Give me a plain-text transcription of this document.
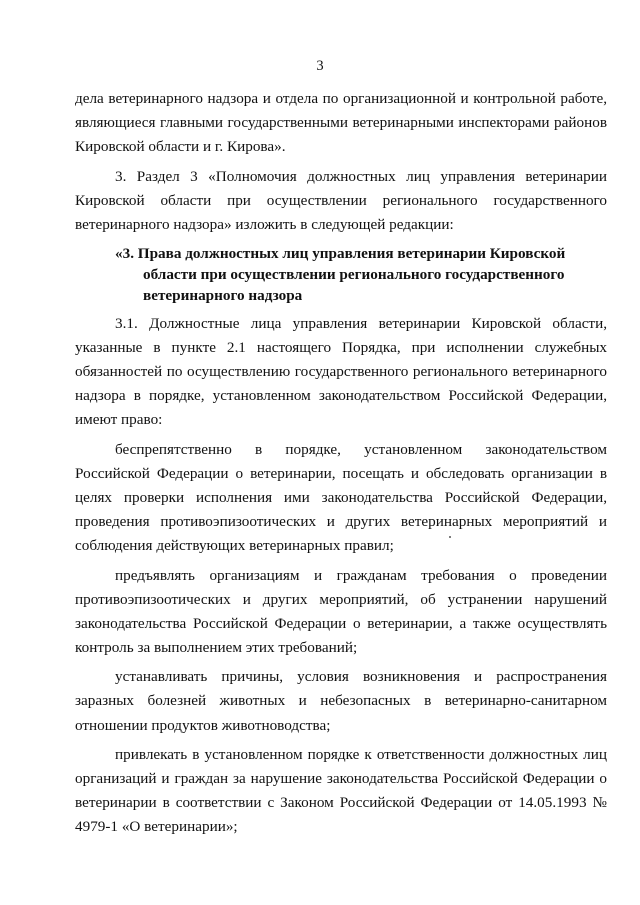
3

дела ветеринарного надзора и отдела по организационной и контрольной работе, являющиеся главными государственными ветеринарными инспекторами районов Кировской области и г. Кирова».

3. Раздел 3 «Полномочия должностных лиц управления ветеринарии Кировской области при осуществлении регионального государственного ветеринарного надзора» изложить в следующей редакции:

«3. Права должностных лиц управления ветеринарии Кировской
области при осуществлении регионального государственного ветеринарного надзора

3.1. Должностные лица управления ветеринарии Кировской области, указанные в пункте 2.1 настоящего Порядка, при исполнении служебных обязанностей по осуществлению государственного регионального ветеринарного надзора в порядке, установленном законодательством Российской Федерации, имеют право:

беспрепятственно в порядке, установленном законодательством Российской Федерации о ветеринарии, посещать и обследовать организации в целях проверки исполнения ими законодательства Российской Федерации, проведения противоэпизоотических и других ветеринарных мероприятий и соблюдения действующих ветеринарных правил;

предъявлять организациям и гражданам требования о проведении противоэпизоотических и других мероприятий, об устранении нарушений законодательства Российской Федерации о ветеринарии, а также осуществлять контроль за выполнением этих требований;

устанавливать причины, условия возникновения и распространения заразных болезней животных и небезопасных в ветеринарно-санитарном отношении продуктов животноводства;

привлекать в установленном порядке к ответственности должностных лиц организаций и граждан за нарушение законодательства Российской Федерации о ветеринарии в соответствии с Законом Российской Федерации от 14.05.1993 № 4979-1 «О ветеринарии»;
